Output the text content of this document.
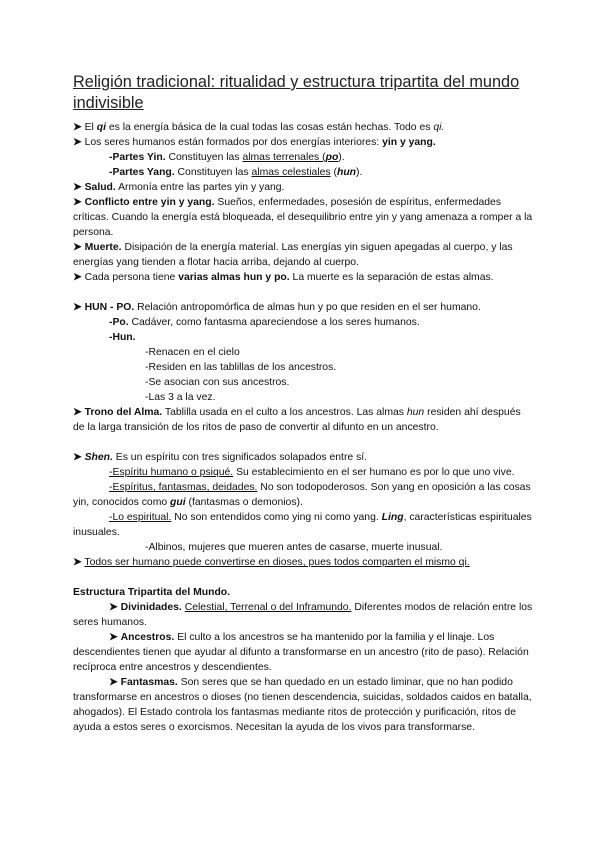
Religión tradicional: ritualidad y estructura tripartita del mundo indivisible
➤ El qi es la energía básica de la cual todas las cosas están hechas. Todo es qi.
➤ Los seres humanos están formados por dos energías interiores: yin y yang.
-Partes Yin. Constituyen las almas terrenales (po).
-Partes Yang. Constituyen las almas celestiales (hun).
➤ Salud. Armonía entre las partes yin y yang.
➤ Conflicto entre yin y yang. Sueños, enfermedades, posesión de espíritus, enfermedades críticas. Cuando la energía está bloqueada, el desequilibrio entre yin y yang amenaza a romper a la persona.
➤ Muerte. Disipación de la energía material. Las energías yin siguen apegadas al cuerpo, y las energías yang tienden a flotar hacia arriba, dejando al cuerpo.
➤ Cada persona tiene varias almas hun y po. La muerte es la separación de estas almas.
➤ HUN - PO. Relación antropomórfica de almas hun y po que residen en el ser humano.
-Po. Cadáver, como fantasma apareciendose a los seres humanos.
-Hun.
-Renacen en el cielo
-Residen en las tablillas de los ancestros.
-Se asocian con sus ancestros.
-Las 3 a la vez.
➤ Trono del Alma. Tablilla usada en el culto a los ancestros. Las almas hun residen ahí después de la larga transición de los ritos de paso de convertir al difunto en un ancestro.
➤ Shen. Es un espíritu con tres significados solapados entre sí.
-Espíritu humano o psiqué. Su establecimiento en el ser humano es por lo que uno vive.
-Espíritus, fantasmas, deidades. No son todopoderosos. Son yang en oposición a las cosas yin, conocidos como gui (fantasmas o demonios).
-Lo espiritual. No son entendidos como ying ni como yang. Ling, características espirituales inusuales.
-Albinos, mujeres que mueren antes de casarse, muerte inusual.
➤ Todos ser humano puede convertirse en dioses, pues todos comparten el mismo qi.
Estructura Tripartita del Mundo.
➤ Divinidades. Celestial, Terrenal o del Inframundo. Diferentes modos de relación entre los seres humanos.
➤ Ancestros. El culto a los ancestros se ha mantenido por la familia y el linaje. Los descendientes tienen que ayudar al difunto a transformarse en un ancestro (rito de paso). Relación recíproca entre ancestros y descendientes.
➤ Fantasmas. Son seres que se han quedado en un estado liminar, que no han podido transformarse en ancestros o dioses (no tienen descendencia, suicidas, soldados caidos en batalla, ahogados). El Estado controla los fantasmas mediante ritos de protección y purificación, ritos de ayuda a estos seres o exorcismos. Necesitan la ayuda de los vivos para transformarse.
